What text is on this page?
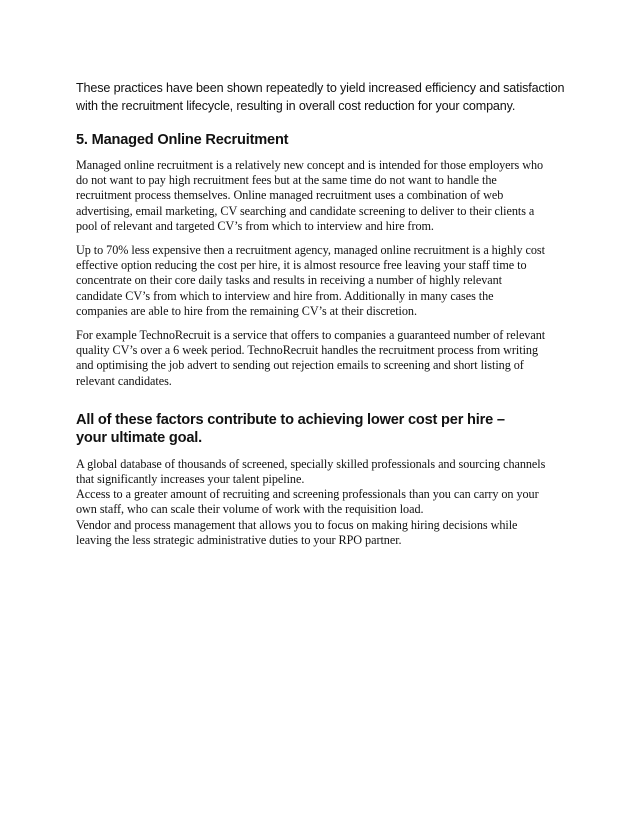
These practices have been shown repeatedly to yield increased efficiency and satisfaction
with the recruitment lifecycle, resulting in overall cost reduction for your company.

5. Managed Online Recruitment

Managed online recruitment is a relatively new concept and is intended for those employers who
do not want to pay high recruitment fees but at the same time do not want to handle the
recruitment process themselves. Online managed recruitment uses a combination of web
advertising, email marketing, CV searching and candidate screening to deliver to their clients a
pool of relevant and targeted CV’s from which to interview and hire from.

Up to 70% less expensive then a recruitment agency, managed online recruitment is a highly cost
effective option reducing the cost per hire, it is almost resource free leaving your staff time to
concentrate on their core daily tasks and results in receiving a number of highly relevant
candidate CV’s from which to interview and hire from. Additionally in many cases the
companies are able to hire from the remaining CV’s at their discretion.

For example TechnoRecruit is a service that offers to companies a guaranteed number of relevant
quality CV’s over a 6 week period. TechnoRecruit handles the recruitment process from writing
and optimising the job advert to sending out rejection emails to screening and short listing of
relevant candidates.

All of these factors contribute to achieving lower cost per hire –
your ultimate goal.

A global database of thousands of screened, specially skilled professionals and sourcing channels
that significantly increases your talent pipeline.
Access to a greater amount of recruiting and screening professionals than you can carry on your
own staff, who can scale their volume of work with the requisition load.
Vendor and process management that allows you to focus on making hiring decisions while
leaving the less strategic administrative duties to your RPO partner.
